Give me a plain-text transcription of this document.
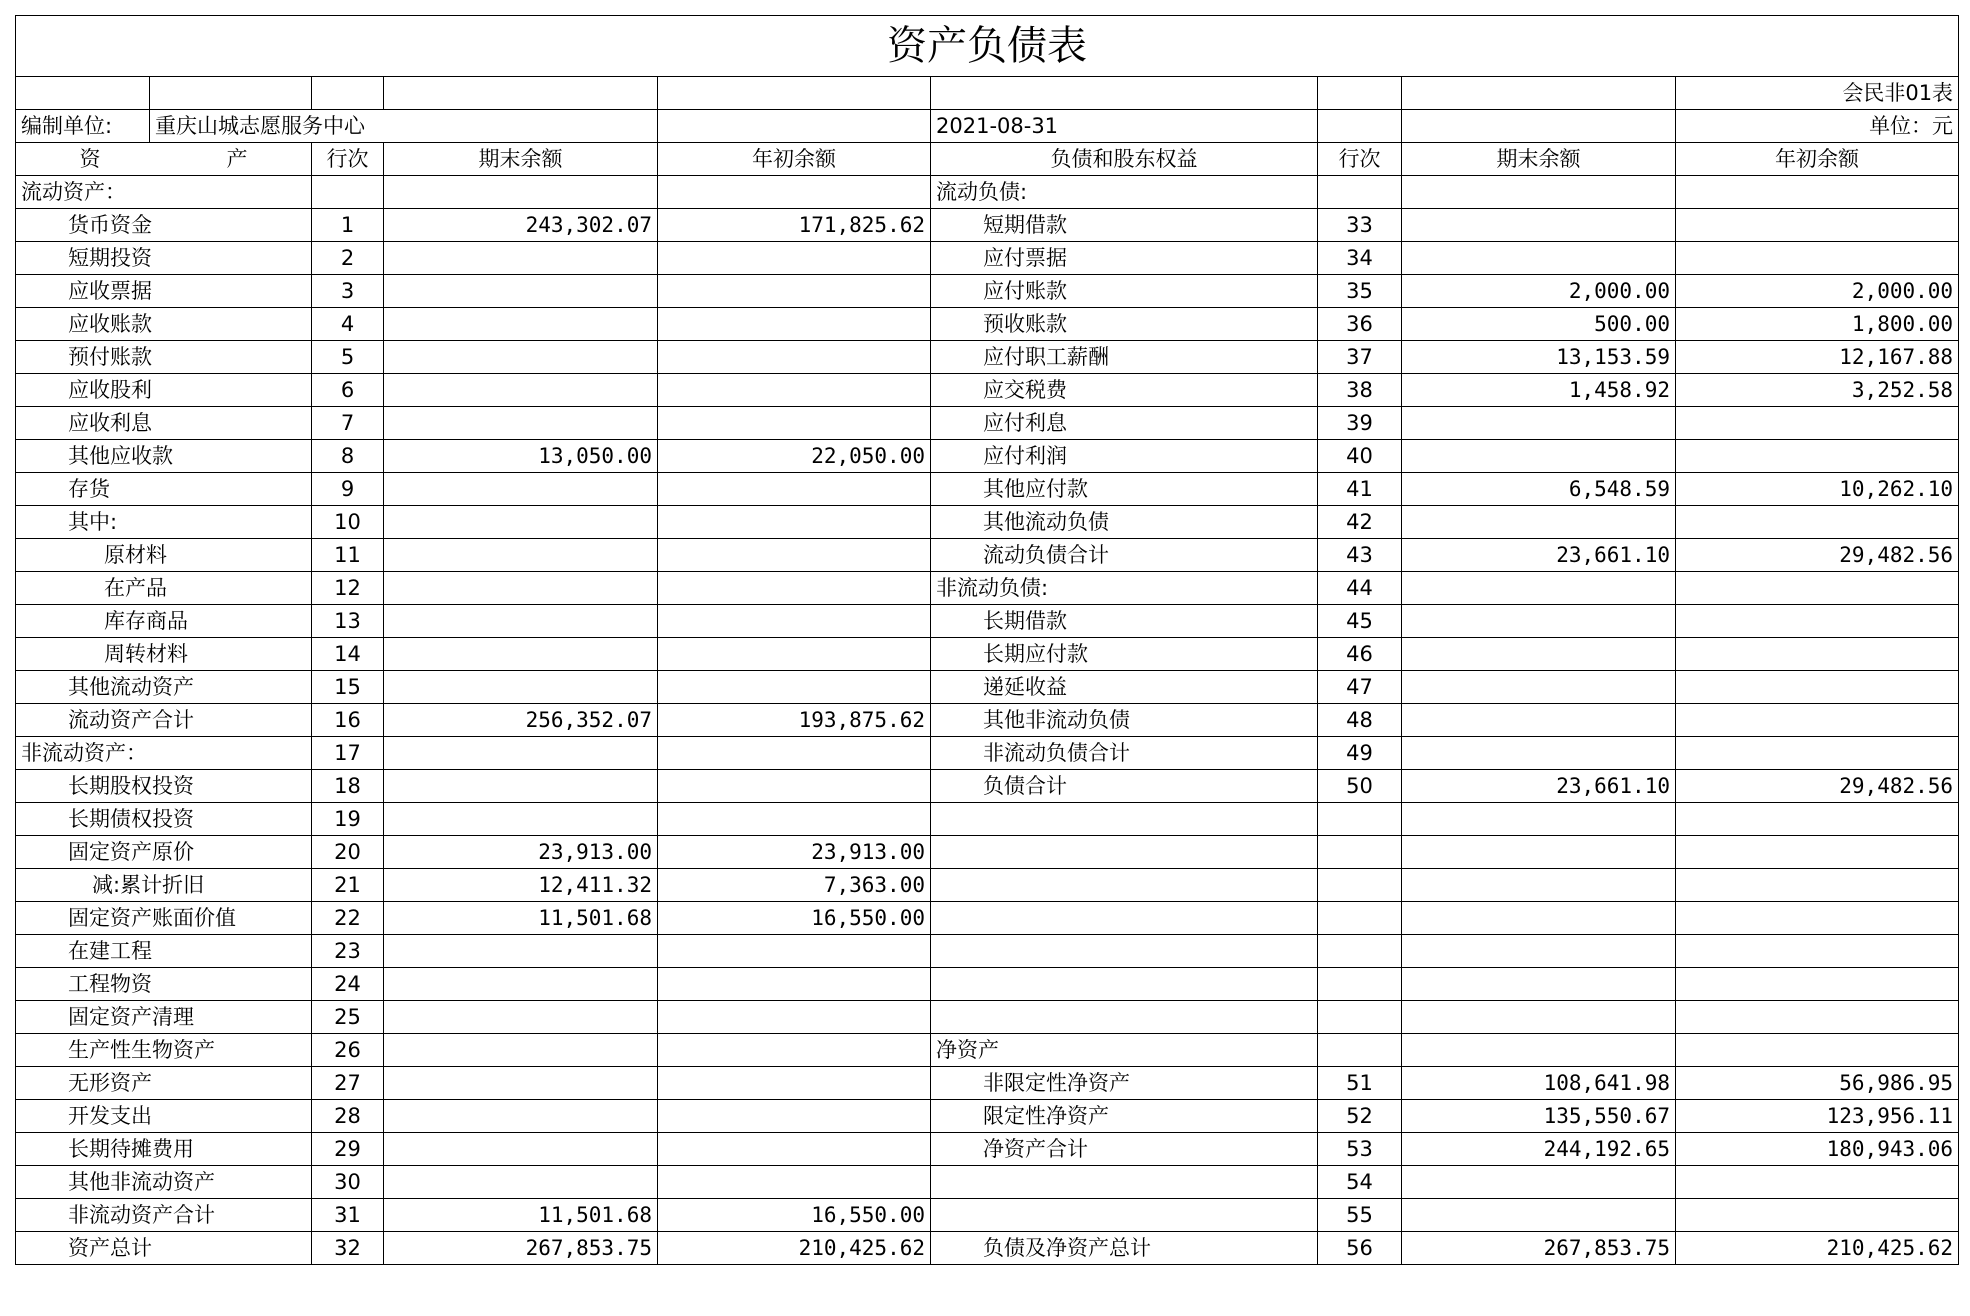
资产负债表								
								会民非01表
编制单位:	重庆山城志愿服务中心				2021-08-31			单位：元
资　　　　　　产		行次	期末余额	年初余额	负债和股东权益	行次	期末余额	年初余额
流动资产：					流动负债:			
货币资金		1	243,302.07	171,825.62	短期借款	33		
短期投资		2			应付票据	34		
应收票据		3			应付账款	35	2,000.00	2,000.00
应收账款		4			预收账款	36	500.00	1,800.00
预付账款		5			应付职工薪酬	37	13,153.59	12,167.88
应收股利		6			应交税费	38	1,458.92	3,252.58
应收利息		7			应付利息	39		
其他应收款		8	13,050.00	22,050.00	应付利润	40		
存货		9			其他应付款	41	6,548.59	10,262.10
其中:		10			其他流动负债	42		
原材料		11			流动负债合计	43	23,661.10	29,482.56
在产品		12			非流动负债:	44		
库存商品		13			长期借款	45		
周转材料		14			长期应付款	46		
其他流动资产		15			递延收益	47		
流动资产合计		16	256,352.07	193,875.62	其他非流动负债	48		
非流动资产：		17			非流动负债合计	49		
长期股权投资		18			负债合计	50	23,661.10	29,482.56
长期债权投资		19						
固定资产原价		20	23,913.00	23,913.00				
减:累计折旧		21	12,411.32	7,363.00				
固定资产账面价值		22	11,501.68	16,550.00				
在建工程		23						
工程物资		24						
固定资产清理		25						
生产性生物资产		26			净资产			
无形资产		27			非限定性净资产	51	108,641.98	56,986.95
开发支出		28			限定性净资产	52	135,550.67	123,956.11
长期待摊费用		29			净资产合计	53	244,192.65	180,943.06
其他非流动资产		30				54		
非流动资产合计		31	11,501.68	16,550.00		55		
资产总计		32	267,853.75	210,425.62	负债及净资产总计	56	267,853.75	210,425.62
